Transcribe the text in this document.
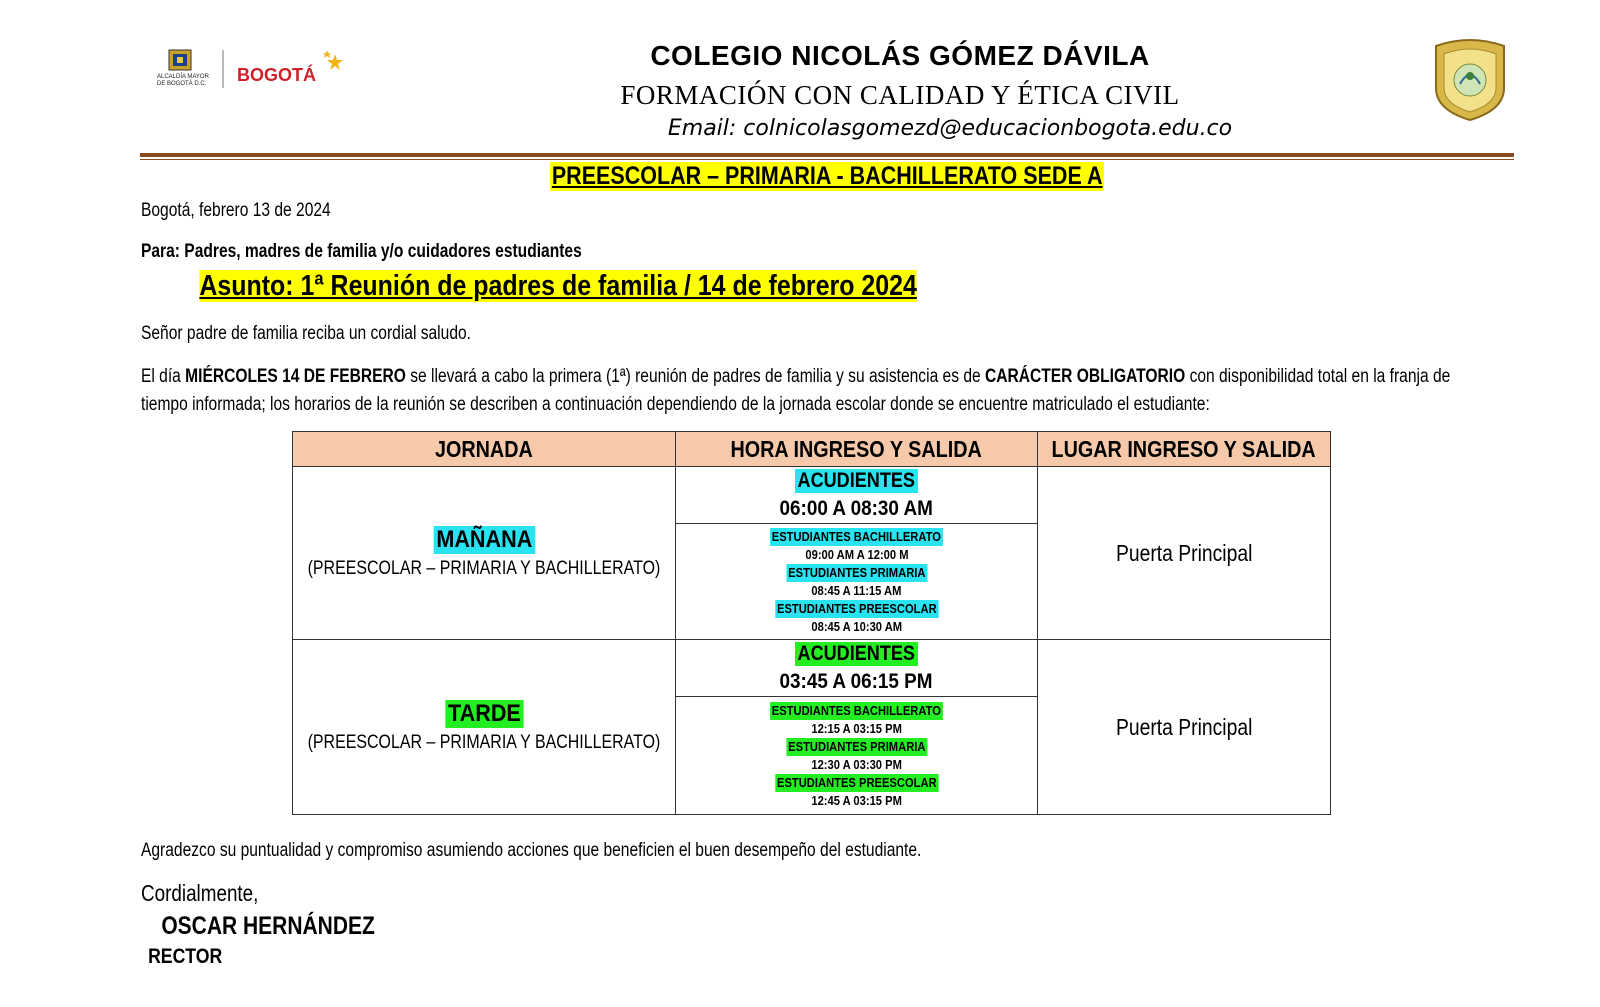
ALCALDÍA MAYOR
DE BOGOTÁ D.C. BOGOTÁ
COLEGIO NICOLÁS GÓMEZ DÁVILA
FORMACIÓN CON CALIDAD Y ÉTICA CIVIL
Email: colnicolasgomezd@educacionbogota.edu.co
PREESCOLAR – PRIMARIA - BACHILLERATO SEDE A
Bogotá, febrero 13 de 2024
Para: Padres, madres de familia y/o cuidadores estudiantes
Asunto: 1ª Reunión de padres de familia / 14 de febrero 2024
Señor padre de familia reciba un cordial saludo.
El día MIÉRCOLES 14 DE FEBRERO se llevará a cabo la primera (1ª) reunión de padres de familia y su asistencia es de CARÁCTER OBLIGATORIO con disponibilidad total en la franja de tiempo informada; los horarios de la reunión se describen a continuación dependiendo de la jornada escolar donde se encuentre matriculado el estudiante:
JORNADA	HORA INGRESO Y SALIDA	LUGAR INGRESO Y SALIDA
MAÑANA
(PREESCOLAR – PRIMARIA Y BACHILLERATO)
ACUDIENTES
06:00 A 08:30 AM
ESTUDIANTES BACHILLERATO
09:00 AM A 12:00 M
ESTUDIANTES PRIMARIA
08:45 A 11:15 AM
ESTUDIANTES PREESCOLAR
08:45 A 10:30 AM
Puerta Principal
TARDE
(PREESCOLAR – PRIMARIA Y BACHILLERATO)
ACUDIENTES
03:45 A 06:15 PM
ESTUDIANTES BACHILLERATO
12:15 A 03:15 PM
ESTUDIANTES PRIMARIA
12:30 A 03:30 PM
ESTUDIANTES PREESCOLAR
12:45 A 03:15 PM
Puerta Principal
Agradezco su puntualidad y compromiso asumiendo acciones que beneficien el buen desempeño del estudiante.
Cordialmente,
OSCAR HERNÁNDEZ
RECTOR
